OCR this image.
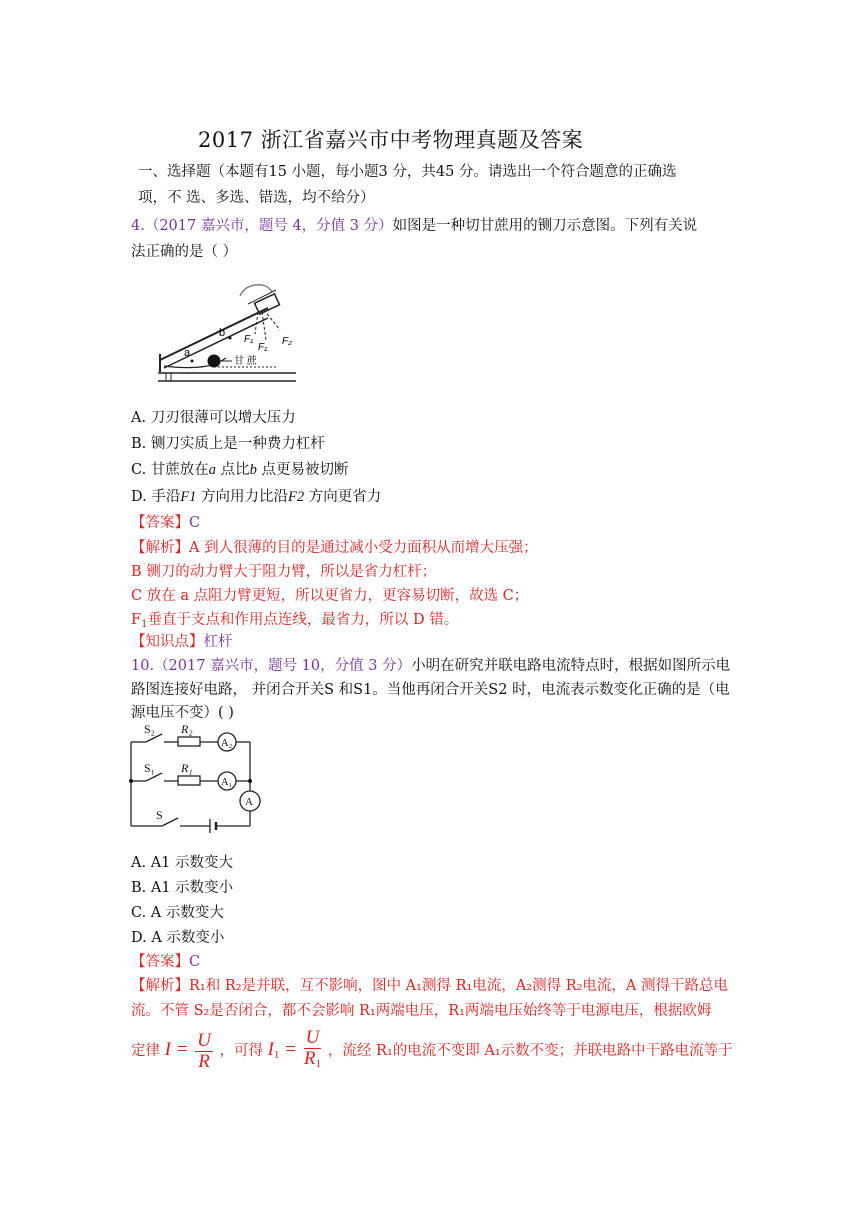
2017 浙江省嘉兴市中考物理真题及答案
一、选择题（本题有15 小题，每小题3 分，共45 分。请选出一个符合题意的正确选
项，不 选、多选、错选，均不给分）
4.（2017 嘉兴市，题号 4，分值 3 分）如图是一种切甘蔗用的铡刀示意图。下列有关说
法正确的是（ ）
a
b
F₁
F₁
F₂
甘 蔗
A. 刀刃很薄可以增大压力
B. 铡刀实质上是一种费力杠杆
C. 甘蔗放在a 点比b 点更易被切断
D. 手沿F1 方向用力比沿F2 方向更省力
【答案】C
【解析】A 到人很薄的目的是通过减小受力面积从而增大压强；
B 铡刀的动力臂大于阻力臂，所以是省力杠杆；
C 放在 a 点阻力臂更短，所以更省力，更容易切断，故选 C；
$F_1$垂直于支点和作用点连线，最省力，所以 D 错。
【知识点】杠杆
10.（2017 嘉兴市，题号 10，分值 3 分）小明在研究并联电路电流特点时，根据如图所示电
路图连接好电路， 并闭合开关S 和S1。当他再闭合开关S2 时，电流表示数变化正确的是（电
源电压不变）( )
S₂ R₂
A₂
S₁ R₁
A₁
A
S
A. A1 示数变大
B. A1 示数变小
C. A 示数变大
D. A 示数变小
【答案】C
【解析】R₁和 R₂是并联，互不影响，图中 A₁测得 R₁电流，A₂测得 R₂电流，A 测得干路总电
流。不管 S₂是否闭合，都不会影响 R₁两端电压，R₁两端电压始终等于电源电压，根据欧姆
定律 $I = \frac{U}{R}$ ，可得 $I_1 = \frac{U}{R_1}$ ，流经 R₁的电流不变即 A₁示数不变；并联电路中干路电流等于
